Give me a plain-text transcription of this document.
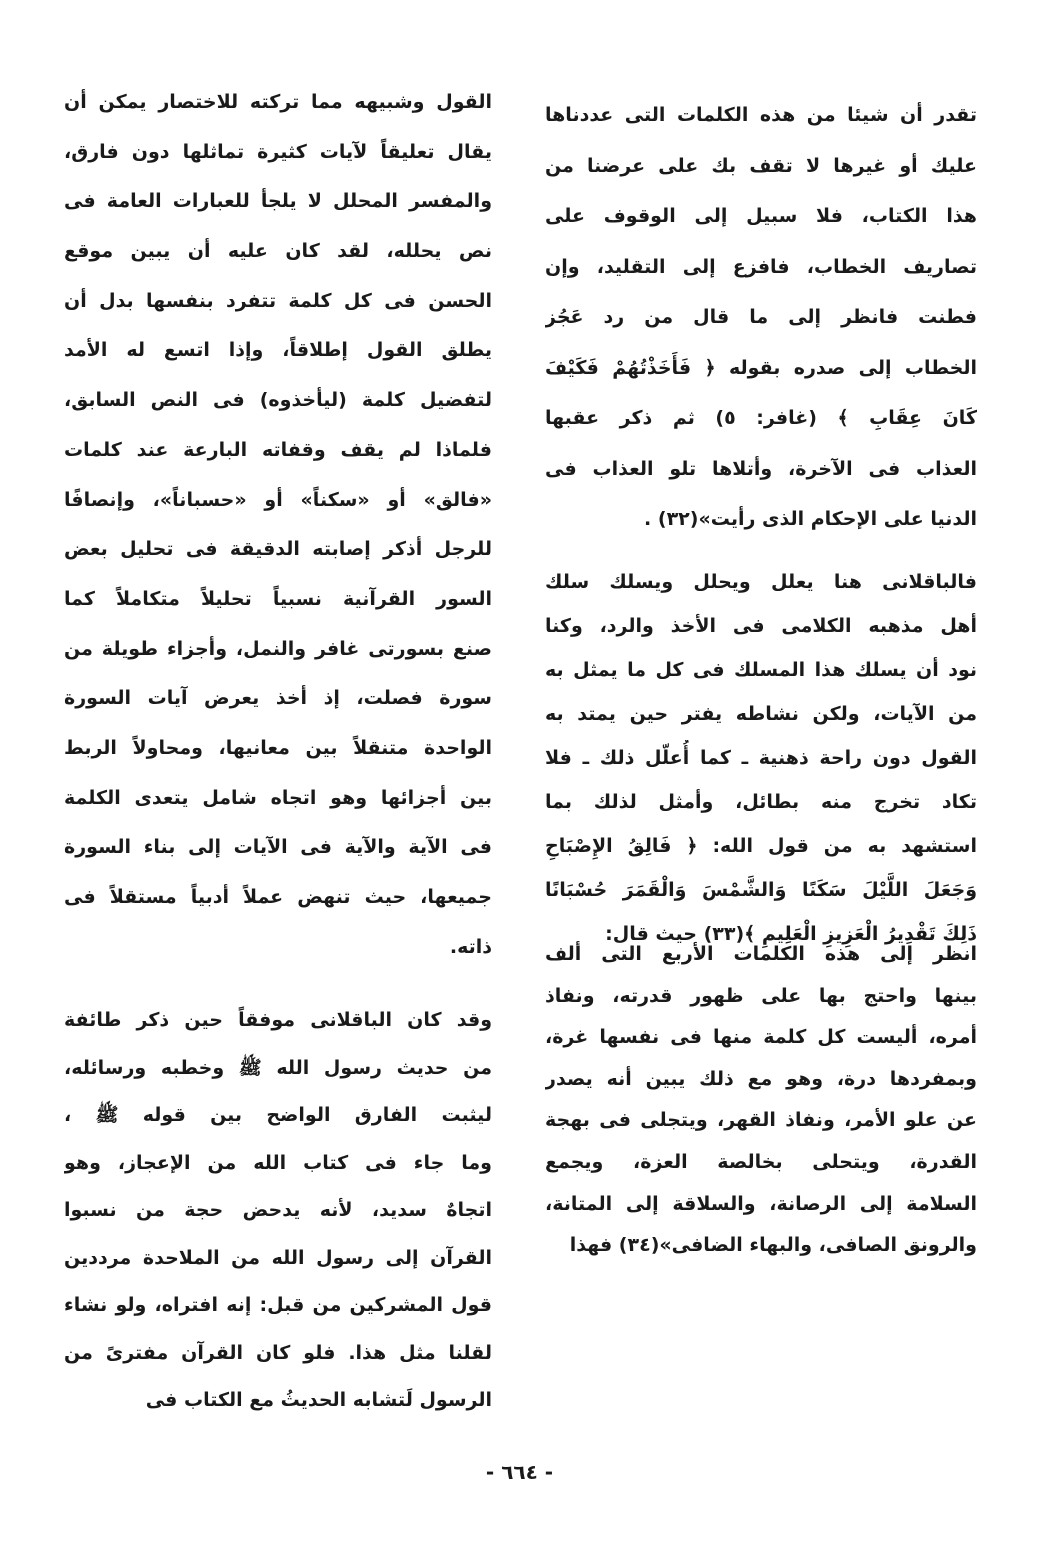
تقدر أن شيئا من هذه الكلمات التى عددناها
عليك أو غيرها لا تقف بك على عرضنا من
هذا الكتاب، فلا سبيل إلى الوقوف على
تصاريف الخطاب، فافزع إلى التقليد، وإن
فطنت فانظر إلى ما قال من رد عَجُز
الخطاب إلى صدره بقوله ﴿ فَأَخَذْتُهُمْ فَكَيْفَ
كَانَ عِقَابِ ﴾ (غافر: ٥) ثم ذكر عقبها
العذاب فى الآخرة، وأتلاها تلو العذاب فى
الدنيا على الإحكام الذى رأيت»(٣٢) .
فالباقلانى هنا يعلل ويحلل ويسلك سلك
أهل مذهبه الكلامى فى الأخذ والرد، وكنا
نود أن يسلك هذا المسلك فى كل ما يمثل به
من الآيات، ولكن نشاطه يفتر حين يمتد به
القول دون راحة ذهنية ـ كما أُعلّل ذلك ـ فلا
تكاد تخرج منه بطائل، وأمثل لذلك بما
استشهد به من قول الله: ﴿ فَالِقُ الإِصْبَاحِ
وَجَعَلَ اللَّيْلَ سَكَنًا وَالشَّمْسَ وَالْقَمَرَ حُسْبَانًا
ذَلِكَ تَقْدِيرُ الْعَزِيزِ الْعَلِيمِ ﴾(٣٣) حيث قال:
انظر إلى هذه الكلمات الأربع التى ألف
بينها واحتج بها على ظهور قدرته، ونفاذ
أمره، أليست كل كلمة منها فى نفسها غرة،
وبمفردها درة، وهو مع ذلك يبين أنه يصدر
عن علو الأمر، ونفاذ القهر، ويتجلى فى بهجة
القدرة، ويتحلى بخالصة العزة، ويجمع
السلامة إلى الرصانة، والسلاقة إلى المتانة،
والرونق الصافى، والبهاء الضافى»(٣٤) فهذا
القول وشبيهه مما تركته للاختصار يمكن أن
يقال تعليقاً لآيات كثيرة تماثلها دون فارق،
والمفسر المحلل لا يلجأ للعبارات العامة فى
نص يحلله، لقد كان عليه أن يبين موقع
الحسن فى كل كلمة تتفرد بنفسها بدل أن
يطلق القول إطلاقاً، وإذا اتسع له الأمد
لتفضيل كلمة (ليأخذوه) فى النص السابق،
فلماذا لم يقف وقفاته البارعة عند كلمات
«فالق» أو «سكناً» أو «حسباناً»، وإنصافًا
للرجل أذكر إصابته الدقيقة فى تحليل بعض
السور القرآنية نسبياً تحليلاً متكاملاً كما
صنع بسورتى غافر والنمل، وأجزاء طويلة من
سورة فصلت، إذ أخذ يعرض آيات السورة
الواحدة متنقلاً بين معانيها، ومحاولاً الربط
بين أجزائها وهو اتجاه شامل يتعدى الكلمة
فى الآية والآية فى الآيات إلى بناء السورة
جميعها، حيث تنهض عملاً أدبياً مستقلاً فى
ذاته.
وقد كان الباقلانى موفقاً حين ذكر طائفة
من حديث رسول الله ﷺ وخطبه ورسائله،
ليثبت الفارق الواضح بين قوله ﷺ ،
وما جاء فى كتاب الله من الإعجاز، وهو
اتجاهٌ سديد، لأنه يدحض حجة من نسبوا
القرآن إلى رسول الله من الملاحدة مرددين
قول المشركين من قبل: إنه افتراه، ولو نشاء
لقلنا مثل هذا. فلو كان القرآن مفترىً من
الرسول لَتشابه الحديثُ مع الكتاب فى
- ٦٦٤ -
